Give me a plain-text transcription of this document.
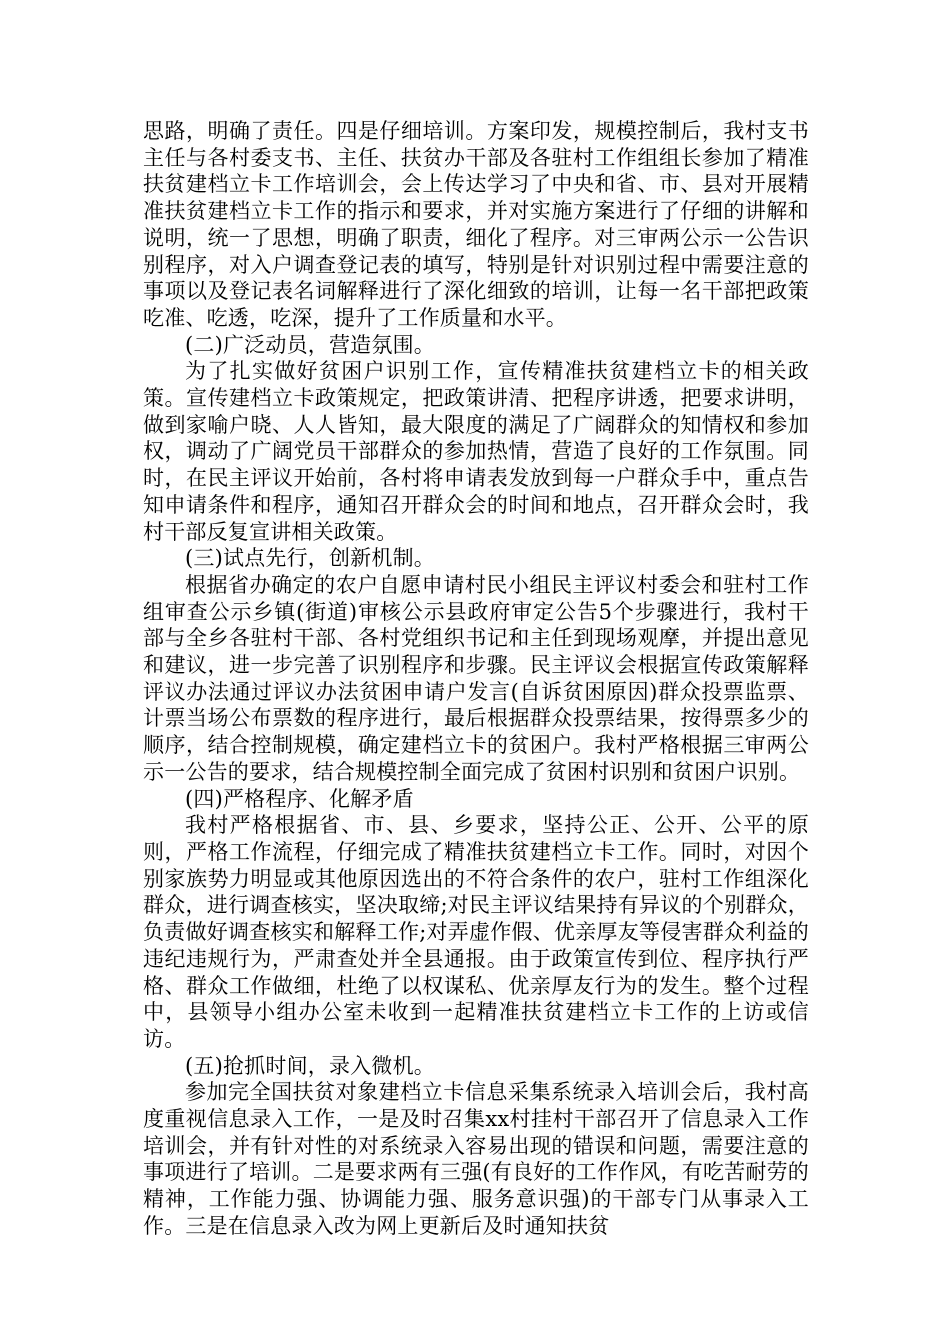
思路，明确了责任。四是仔细培训。方案印发，规模控制后，我村支书主任与各村委支书、主任、扶贫办干部及各驻村工作组组长参加了精准扶贫建档立卡工作培训会，会上传达学习了中央和省、市、县对开展精准扶贫建档立卡工作的指示和要求，并对实施方案进行了仔细的讲解和说明，统一了思想，明确了职责，细化了程序。对三审两公示一公告识别程序，对入户调查登记表的填写，特别是针对识别过程中需要注意的事项以及登记表名词解释进行了深化细致的培训，让每一名干部把政策吃准、吃透，吃深，提升了工作质量和水平。

(二)广泛动员，营造氛围。

为了扎实做好贫困户识别工作，宣传精准扶贫建档立卡的相关政策。宣传建档立卡政策规定，把政策讲清、把程序讲透，把要求讲明，做到家喻户晓、人人皆知，最大限度的满足了广阔群众的知情权和参加权，调动了广阔党员干部群众的参加热情，营造了良好的工作氛围。同时，在民主评议开始前，各村将申请表发放到每一户群众手中，重点告知申请条件和程序，通知召开群众会的时间和地点，召开群众会时，我村干部反复宣讲相关政策。

(三)试点先行，创新机制。

根据省办确定的农户自愿申请村民小组民主评议村委会和驻村工作组审查公示乡镇(街道)审核公示县政府审定公告5个步骤进行，我村干部与全乡各驻村干部、各村党组织书记和主任到现场观摩，并提出意见和建议，进一步完善了识别程序和步骤。民主评议会根据宣传政策解释评议办法通过评议办法贫困申请户发言(自诉贫困原因)群众投票监票、计票当场公布票数的程序进行，最后根据群众投票结果，按得票多少的顺序，结合控制规模，确定建档立卡的贫困户。我村严格根据三审两公示一公告的要求，结合规模控制全面完成了贫困村识别和贫困户识别。

(四)严格程序、化解矛盾

我村严格根据省、市、县、乡要求，坚持公正、公开、公平的原则，严格工作流程，仔细完成了精准扶贫建档立卡工作。同时，对因个别家族势力明显或其他原因选出的不符合条件的农户，驻村工作组深化群众，进行调查核实，坚决取缔;对民主评议结果持有异议的个别群众，负责做好调查核实和解释工作;对弄虚作假、优亲厚友等侵害群众利益的违纪违规行为，严肃查处并全县通报。由于政策宣传到位、程序执行严格、群众工作做细，杜绝了以权谋私、优亲厚友行为的发生。整个过程中，县领导小组办公室未收到一起精准扶贫建档立卡工作的上访或信访。

(五)抢抓时间，录入微机。

参加完全国扶贫对象建档立卡信息采集系统录入培训会后，我村高度重视信息录入工作，一是及时召集xx村挂村干部召开了信息录入工作培训会，并有针对性的对系统录入容易出现的错误和问题，需要注意的事项进行了培训。二是要求两有三强(有良好的工作作风，有吃苦耐劳的精神，工作能力强、协调能力强、服务意识强)的干部专门从事录入工作。三是在信息录入改为网上更新后及时通知扶贫
